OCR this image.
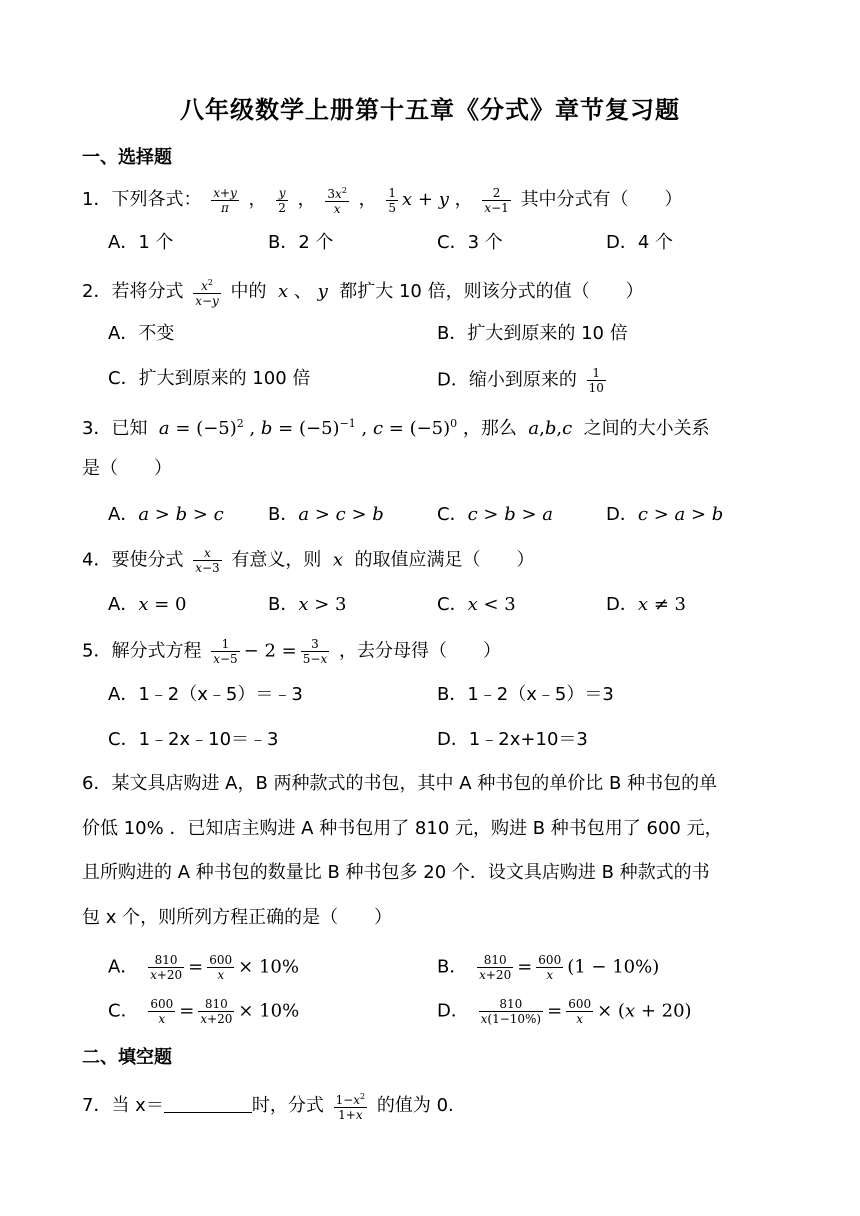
八年级数学上册第十五章《分式》章节复习题
一、选择题
1．下列各式： $\frac{x+y}{\pi}$ ， $\frac{y}{2}$ ， $\frac{3x^2}{x}$ ， $\frac{1}{5}$ x + y ， $\frac{2}{x-1}$ 其中分式有（　　）
A．1 个	B．2 个	C．3 个	D．4 个
2．若将分式 $\frac{x^2}{x-y}$ 中的  x 、 y  都扩大 10 倍，则该分式的值（　　）
A．不变	B．扩大到原来的 10 倍
C．扩大到原来的 100 倍	D．缩小到原来的 $\frac{1}{10}$
3．已知  $a = (-5)^2$ , $b = (-5)^{-1}$ , $c = (-5)^0$ ，那么  a,b,c  之间的大小关系
是（　　）
A．a > b > c B．a > c > b	C．c > b > a	D．c > a > b
4．要使分式 $\frac{x}{x-3}$ 有意义，则  x  的取值应满足（　　）
A．x = 0	B．x > 3	C．x < 3	D．x ≠ 3
5．解分式方程 $\frac{1}{x-5} - 2 = \frac{3}{5-x}$ ，去分母得（　　）
A．1﹣2（x﹣5）＝﹣3	B．1﹣2（x﹣5）＝3
C．1﹣2x﹣10＝﹣3	D．1﹣2x+10＝3
6．某文具店购进 A，B 两种款式的书包，其中 A 种书包的单价比 B 种书包的单
价低 10% ．已知店主购进 A 种书包用了 810 元，购进 B 种书包用了 600 元，
且所购进的 A 种书包的数量比 B 种书包多 20 个．设文具店购进 B 种款式的书
包 x 个，则所列方程正确的是（　　）
A． $\frac{810}{x+20} = \frac{600}{x} \times 10\%$	B． $\frac{810}{x+20} = \frac{600}{x} (1 - 10\%)$
C． $\frac{600}{x} = \frac{810}{x+20} \times 10\%$	D． $\frac{810}{x(1-10\%)} = \frac{600}{x} \times (x + 20)$
二、填空题
7．当 x＝	时，分式 $\frac{1-x^2}{1+x}$ 的值为 0.
